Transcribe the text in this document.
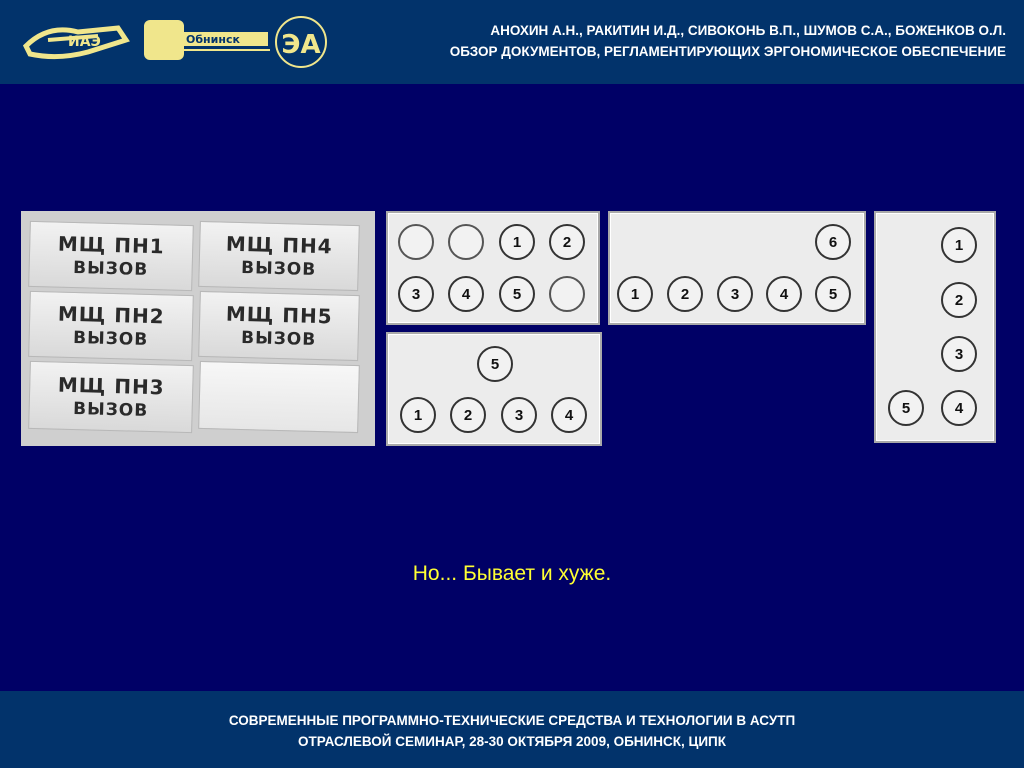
ИАЭ	Обнинск ЭА	АНОХИН А.Н., РАКИТИН И.Д., СИВОКОНЬ В.П., ШУМОВ С.А., БОЖЕНКОВ О.Л.
ОБЗОР ДОКУМЕНТОВ, РЕГЛАМЕНТИРУЮЩИХ ЭРГОНОМИЧЕСКОЕ ОБЕСПЕЧЕНИЕ
МЩ ПН1
ВЫЗОВ
МЩ ПН4
ВЫЗОВ
МЩ ПН2
ВЫЗОВ
МЩ ПН5
ВЫЗОВ
МЩ ПН3
ВЫЗОВ
1	2
3	4	5
5
1	2	3	4
6
1	2	3	4	5
1
2
3
5	4
Но... Бывает и хуже.
СОВРЕМЕННЫЕ ПРОГРАММНО-ТЕХНИЧЕСКИЕ СРЕДСТВА И ТЕХНОЛОГИИ В АСУТП
ОТРАСЛЕВОЙ СЕМИНАР, 28-30 ОКТЯБРЯ 2009, ОБНИНСК, ЦИПК
